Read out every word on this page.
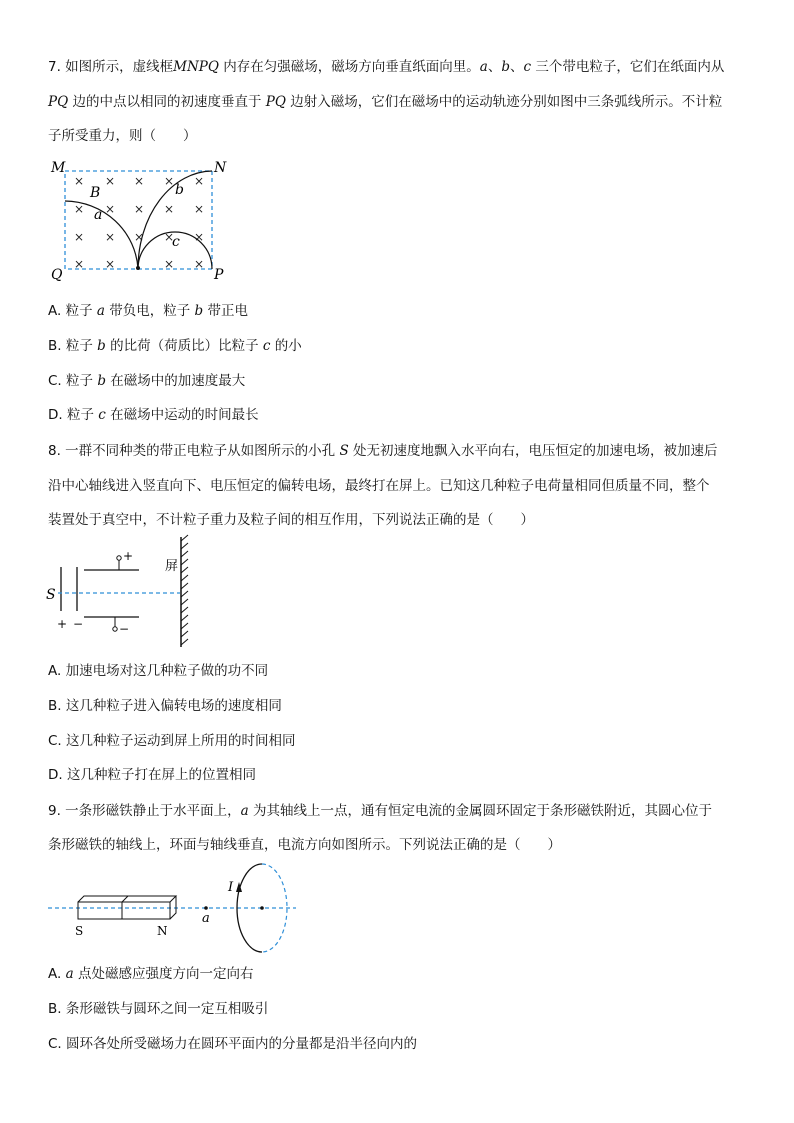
7. 如图所示，虚线框MNPQ 内存在匀强磁场，磁场方向垂直纸面向里。a、b、c 三个带电粒子，它们在纸面内从
PQ 边的中点以相同的初速度垂直于 PQ 边射入磁场，它们在磁场中的运动轨迹分别如图中三条弧线所示。不计粒
子所受重力，则（　　）
M	N
Q	P
× × × × ×
× × × × ×
× × × × ×
× ×	× ×
B
a
b
c
A. 粒子 a 带负电，粒子 b 带正电
B. 粒子 b 的比荷（荷质比）比粒子 c 的小
C. 粒子 b 在磁场中的加速度最大
D. 粒子 c 在磁场中运动的时间最长
8. 一群不同种类的带正电粒子从如图所示的小孔 S 处无初速度地飘入水平向右，电压恒定的加速电场，被加速后
沿中心轴线进入竖直向下、电压恒定的偏转电场，最终打在屏上。已知这几种粒子电荷量相同但质量不同，整个
装置处于真空中，不计粒子重力及粒子间的相互作用，下列说法正确的是（　　）
S
+
−
+ −
屏
A. 加速电场对这几种粒子做的功不同
B. 这几种粒子进入偏转电场的速度相同
C. 这几种粒子运动到屏上所用的时间相同
D. 这几种粒子打在屏上的位置相同
9. 一条形磁铁静止于水平面上，a 为其轴线上一点，通有恒定电流的金属圆环固定于条形磁铁附近，其圆心位于
条形磁铁的轴线上，环面与轴线垂直，电流方向如图所示。下列说法正确的是（　　）
S	N
a
I
A. a 点处磁感应强度方向一定向右
B. 条形磁铁与圆环之间一定互相吸引
C. 圆环各处所受磁场力在圆环平面内的分量都是沿半径向内的
